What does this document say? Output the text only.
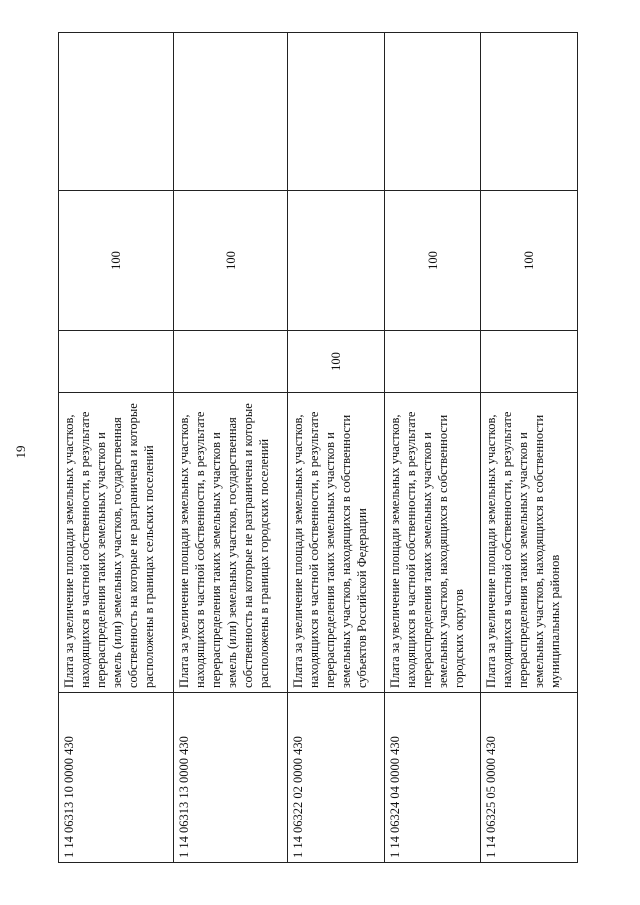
19
1 14 06313 10 0000 430	Плата за увеличение площади земельных участков, находящихся в частной собственности, в результате перераспределения таких земельных участков и земель (или) земельных участков, государственная собственность на которые не разграничена и которые расположены в границах сельских поселений		100	
1 14 06313 13 0000 430	Плата за увеличение площади земельных участков, находящихся в частной собственности, в результате перераспределения таких земельных участков и земель (или) земельных участков, государственная собственность на которые не разграничена и которые расположены в границах городских поселений		100	
1 14 06322 02 0000 430	Плата за увеличение площади земельных участков, находящихся в частной собственности, в результате перераспределения таких земельных участков и земельных участков, находящихся в собственности субъектов Российской Федерации	100		
1 14 06324 04 0000 430	Плата за увеличение площади земельных участков, находящихся в частной собственности, в результате перераспределения таких земельных участков и земельных участков, находящихся в собственности городских округов		100	
1 14 06325 05 0000 430	Плата за увеличение площади земельных участков, находящихся в частной собственности, в результате перераспределения таких земельных участков и земельных участков, находящихся в собственности муниципальных районов		100	
